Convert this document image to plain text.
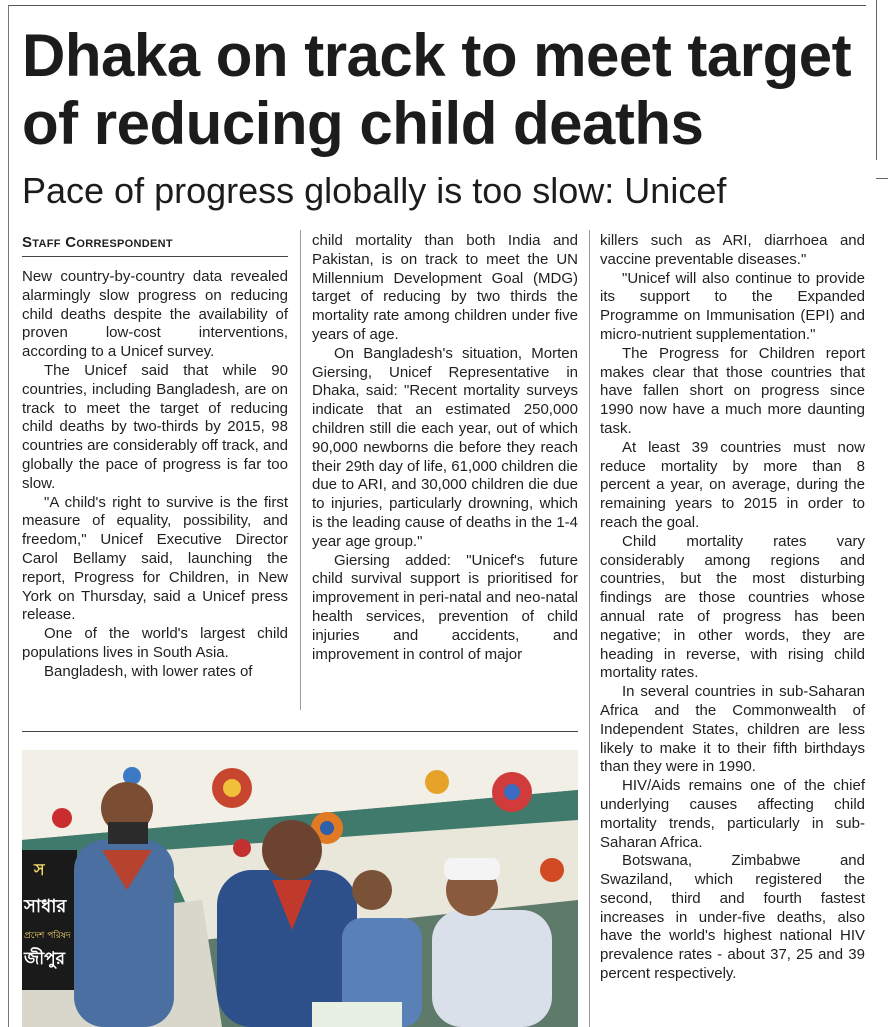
Dhaka on track to meet target of reducing child deaths
Pace of progress globally is too slow: Unicef
Staff Correspondent

New country-by-country data revealed alarmingly slow progress on reducing child deaths despite the availability of proven low-cost interventions, according to a Unicef survey.

The Unicef said that while 90 countries, including Bangladesh, are on track to meet the target of reducing child deaths by two-thirds by 2015, 98 countries are considerably off track, and globally the pace of progress is far too slow.

"A child's right to survive is the first measure of equality, possibility, and freedom," Unicef Executive Director Carol Bellamy said, launching the report, Progress for Children, in New York on Thursday, said a Unicef press release.

One of the world's largest child populations lives in South Asia.

Bangladesh, with lower rates of

child mortality than both India and Pakistan, is on track to meet the UN Millennium Development Goal (MDG) target of reducing by two thirds the mortality rate among children under five years of age.

On Bangladesh's situation, Morten Giersing, Unicef Representative in Dhaka, said: "Recent mortality surveys indicate that an estimated 250,000 children still die each year, out of which 90,000 newborns die before they reach their 29th day of life, 61,000 children die due to ARI, and 30,000 children die due to injuries, particularly drowning, which is the leading cause of deaths in the 1-4 year age group."

Giersing added: "Unicef's future child survival support is prioritised for improvement in peri-natal and neo-natal health services, prevention of child injuries and accidents, and improvement in control of major

killers such as ARI, diarrhoea and vaccine preventable diseases."

"Unicef will also continue to provide its support to the Expanded Programme on Immunisation (EPI) and micro-nutrient supplementation."

The Progress for Children report makes clear that those countries that have fallen short on progress since 1990 now have a much more daunting task.

At least 39 countries must now reduce mortality by more than 8 percent a year, on average, during the remaining years to 2015 in order to reach the goal.

Child mortality rates vary considerably among regions and countries, but the most disturbing findings are those countries whose annual rate of progress has been negative; in other words, they are heading in reverse, with rising child mortality rates.

In several countries in sub-Saharan Africa and the Commonwealth of Independent States, children are less likely to make it to their fifth birthdays than they were in 1990.

HIV/Aids remains one of the chief underlying causes affecting child mortality trends, particularly in sub-Saharan Africa.

Botswana, Zimbabwe and Swaziland, which registered the second, third and fourth fastest increases in under-five deaths, also have the world's highest national HIV prevalence rates - about 37, 25 and 39 percent respectively.

স
সাধার
প্রদেশ পরিষদ
জীপুর
